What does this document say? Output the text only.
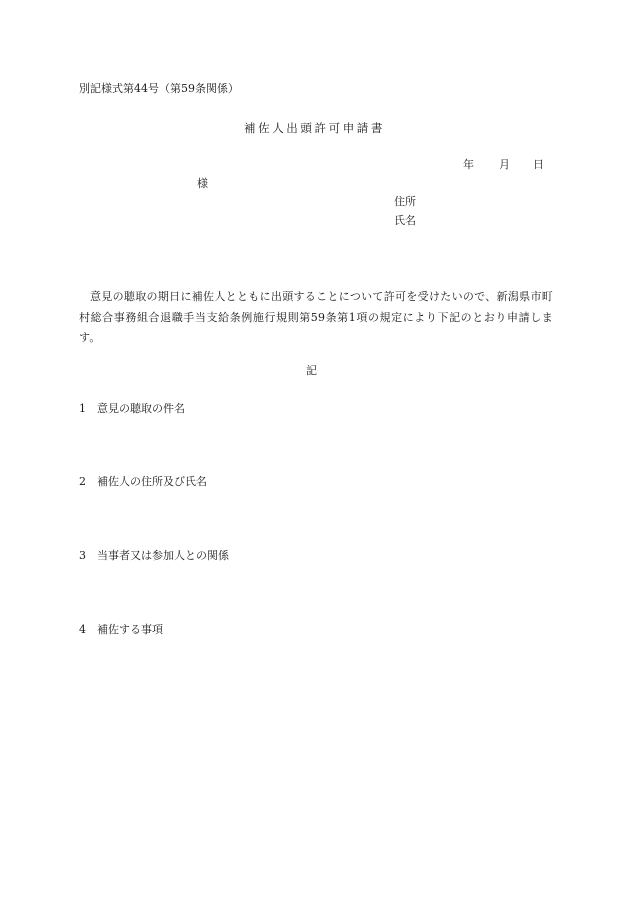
別記様式第44号（第59条関係）
補佐人出頭許可申請書
年 月 日
様
住所
氏名
意見の聴取の期日に補佐人とともに出頭することについて許可を受けたいので、新潟県市町村総合事務組合退職手当支給条例施行規則第59条第1項の規定により下記のとおり申請します。
記
1 意見の聴取の件名
2 補佐人の住所及び氏名
3 当事者又は参加人との関係
4 補佐する事項
